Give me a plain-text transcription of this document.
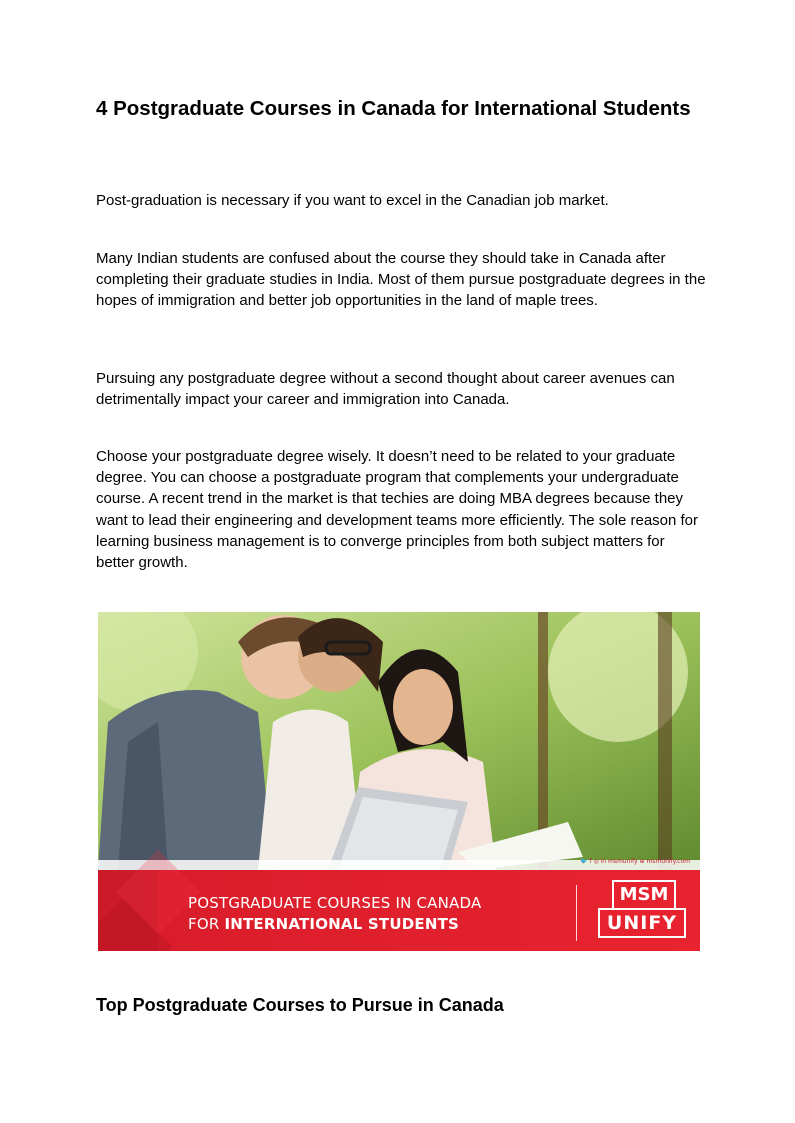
4 Postgraduate Courses in Canada for International Students

Post-graduation is necessary if you want to excel in the Canadian job market.

Many Indian students are confused about the course they should take in Canada after completing their graduate studies in India. Most of them pursue postgraduate degrees in the hopes of immigration and better job opportunities in the land of maple trees.

Pursuing any postgraduate degree without a second thought about career avenues can detrimentally impact your career and immigration into Canada.

Choose your postgraduate degree wisely. It doesn’t need to be related to your graduate degree. You can choose a postgraduate program that complements your undergraduate course. A recent trend in the market is that techies are doing MBA degrees because they want to lead their engineering and development teams more efficiently. The sole reason for learning business management is to converge principles from both subject matters for better growth.

🐦 f ◎ in msmunify ⊕ msmunify.com
POSTGRADUATE COURSES IN CANADA
FOR INTERNATIONAL STUDENTS
MSM
UNIFY
Top Postgraduate Courses to Pursue in Canada
